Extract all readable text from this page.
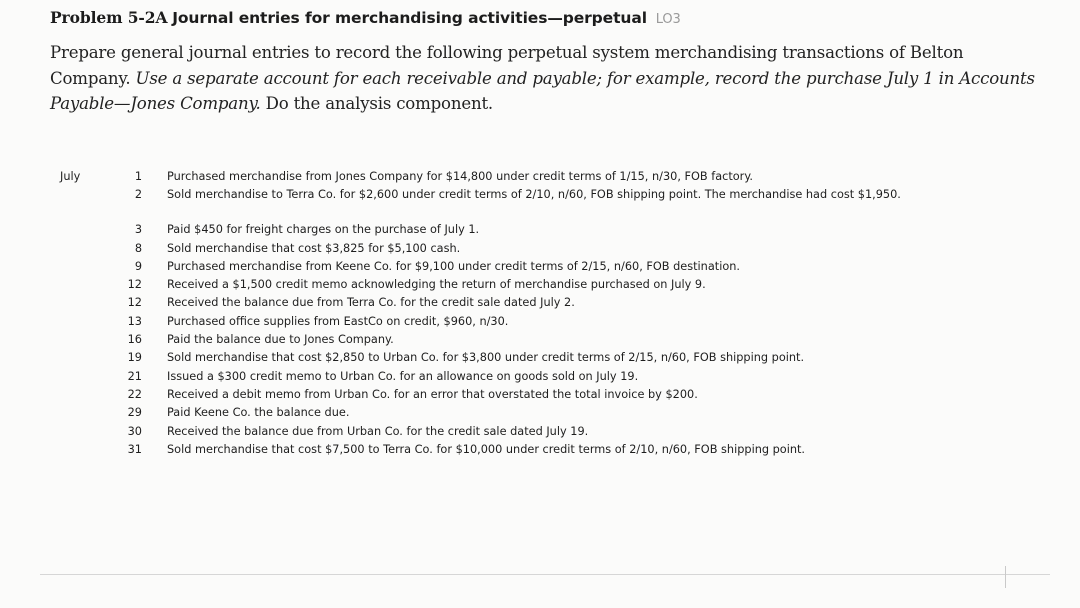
Problem 5-2A Journal entries for merchandising activities—perpetual LO3
Prepare general journal entries to record the following perpetual system merchandising transactions of Belton Company. Use a separate account for each receivable and payable; for example, record the purchase July 1 in Accounts Payable—Jones Company. Do the analysis component.
July	1 Purchased merchandise from Jones Company for $14,800 under credit terms of 1/15, n/30, FOB factory.
2 Sold merchandise to Terra Co. for $2,600 under credit terms of 2/10, n/60, FOB shipping point. The merchandise had cost $1,950.
3 Paid $450 for freight charges on the purchase of July 1.
8 Sold merchandise that cost $3,825 for $5,100 cash.
9 Purchased merchandise from Keene Co. for $9,100 under credit terms of 2/15, n/60, FOB destination.
12 Received a $1,500 credit memo acknowledging the return of merchandise purchased on July 9.
12 Received the balance due from Terra Co. for the credit sale dated July 2.
13 Purchased office supplies from EastCo on credit, $960, n/30.
16 Paid the balance due to Jones Company.
19 Sold merchandise that cost $2,850 to Urban Co. for $3,800 under credit terms of 2/15, n/60, FOB shipping point.
21 Issued a $300 credit memo to Urban Co. for an allowance on goods sold on July 19.
22 Received a debit memo from Urban Co. for an error that overstated the total invoice by $200.
29 Paid Keene Co. the balance due.
30 Received the balance due from Urban Co. for the credit sale dated July 19.
31 Sold merchandise that cost $7,500 to Terra Co. for $10,000 under credit terms of 2/10, n/60, FOB shipping point.
